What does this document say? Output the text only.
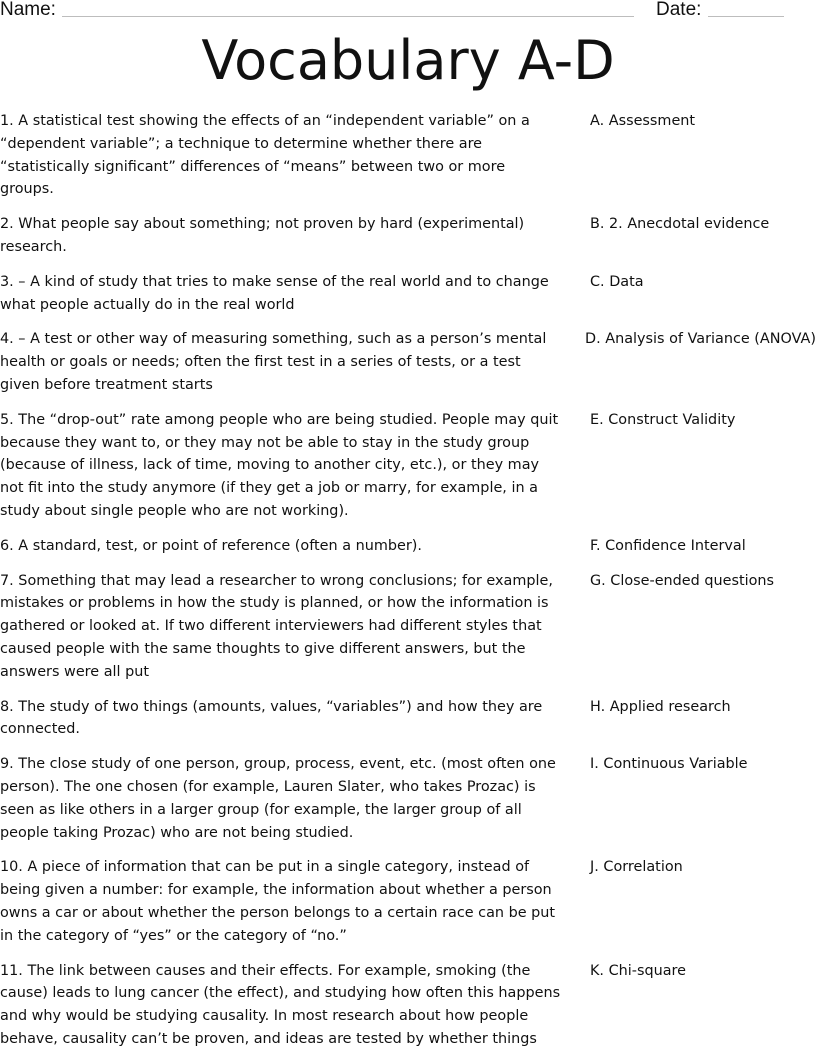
Name:	Date:
Vocabulary A-D

1. A statistical test showing the effects of an “independent variable” on a “dependent variable”; a technique to determine whether there are “statistically significant” differences of “means” between two or more groups.

A. Assessment

2. What people say about something; not proven by hard (experimental) research.

B. 2. Anecdotal evidence

3. – A kind of study that tries to make sense of the real world and to change what people actually do in the real world

C. Data

4. – A test or other way of measuring something, such as a person’s mental health or goals or needs; often the first test in a series of tests, or a test given before treatment starts

D. Analysis of Variance (ANOVA)

5. The “drop-out” rate among people who are being studied. People may quit because they want to, or they may not be able to stay in the study group (because of illness, lack of time, moving to another city, etc.), or they may not fit into the study anymore (if they get a job or marry, for example, in a study about single people who are not working).

E. Construct Validity

6. A standard, test, or point of reference (often a number).	F. Confidence Interval

7. Something that may lead a researcher to wrong conclusions; for example, mistakes or problems in how the study is planned, or how the information is gathered or looked at. If two different interviewers had different styles that caused people with the same thoughts to give different answers, but the answers were all put

G. Close-ended questions

8. The study of two things (amounts, values, “variables”) and how they are connected.

H. Applied research

9. The close study of one person, group, process, event, etc. (most often one person). The one chosen (for example, Lauren Slater, who takes Prozac) is seen as like others in a larger group (for example, the larger group of all people taking Prozac) who are not being studied.

I. Continuous Variable

10. A piece of information that can be put in a single category, instead of being given a number: for example, the information about whether a person owns a car or about whether the person belongs to a certain race can be put in the category of “yes” or the category of “no.”

J. Correlation

11. The link between causes and their effects. For example, smoking (the cause) leads to lung cancer (the effect), and studying how often this happens and why would be studying causality. In most research about how people behave, causality can’t be proven, and ideas are tested by whether things

K. Chi-square
